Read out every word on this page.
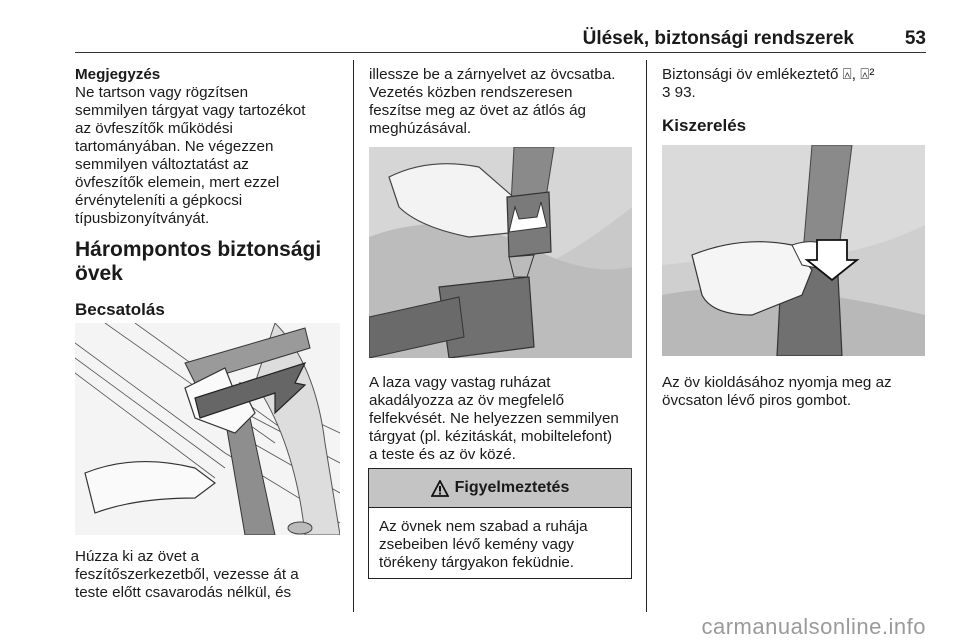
Ülések, biztonsági rendszerek	53
Megjegyzés
Ne tartson vagy rögzítsen
semmilyen tárgyat vagy tartozékot
az övfeszítők működési
tartományában. Ne végezzen
semmilyen változtatást az
övfeszítők elemein, mert ezzel
érvényteleníti a gépkocsi
típusbizonyítványát.
Hárompontos biztonsági
övek
Becsatolás
Húzza ki az övet a
feszítőszerkezetből, vezesse át a
teste előtt csavarodás nélkül, és
illessze be a zárnyelvet az övcsatba.
Vezetés közben rendszeresen
feszítse meg az övet az átlós ág
meghúzásával.
A laza vagy vastag ruházat
akadályozza az öv megfelelő
felfekvését. Ne helyezzen semmilyen
tárgyat (pl. kézitáskát, mobiltelefont)
a teste és az öv közé.
Figyelmeztetés
Az övnek nem szabad a ruhája
zsebeiben lévő kemény vagy
törékeny tárgyakon feküdnie.
Biztonsági öv emlékeztető ⍓, ⍓²
3 93.
Kiszerelés
Az öv kioldásához nyomja meg az
övcsaton lévő piros gombot.
carmanualsonline.info
